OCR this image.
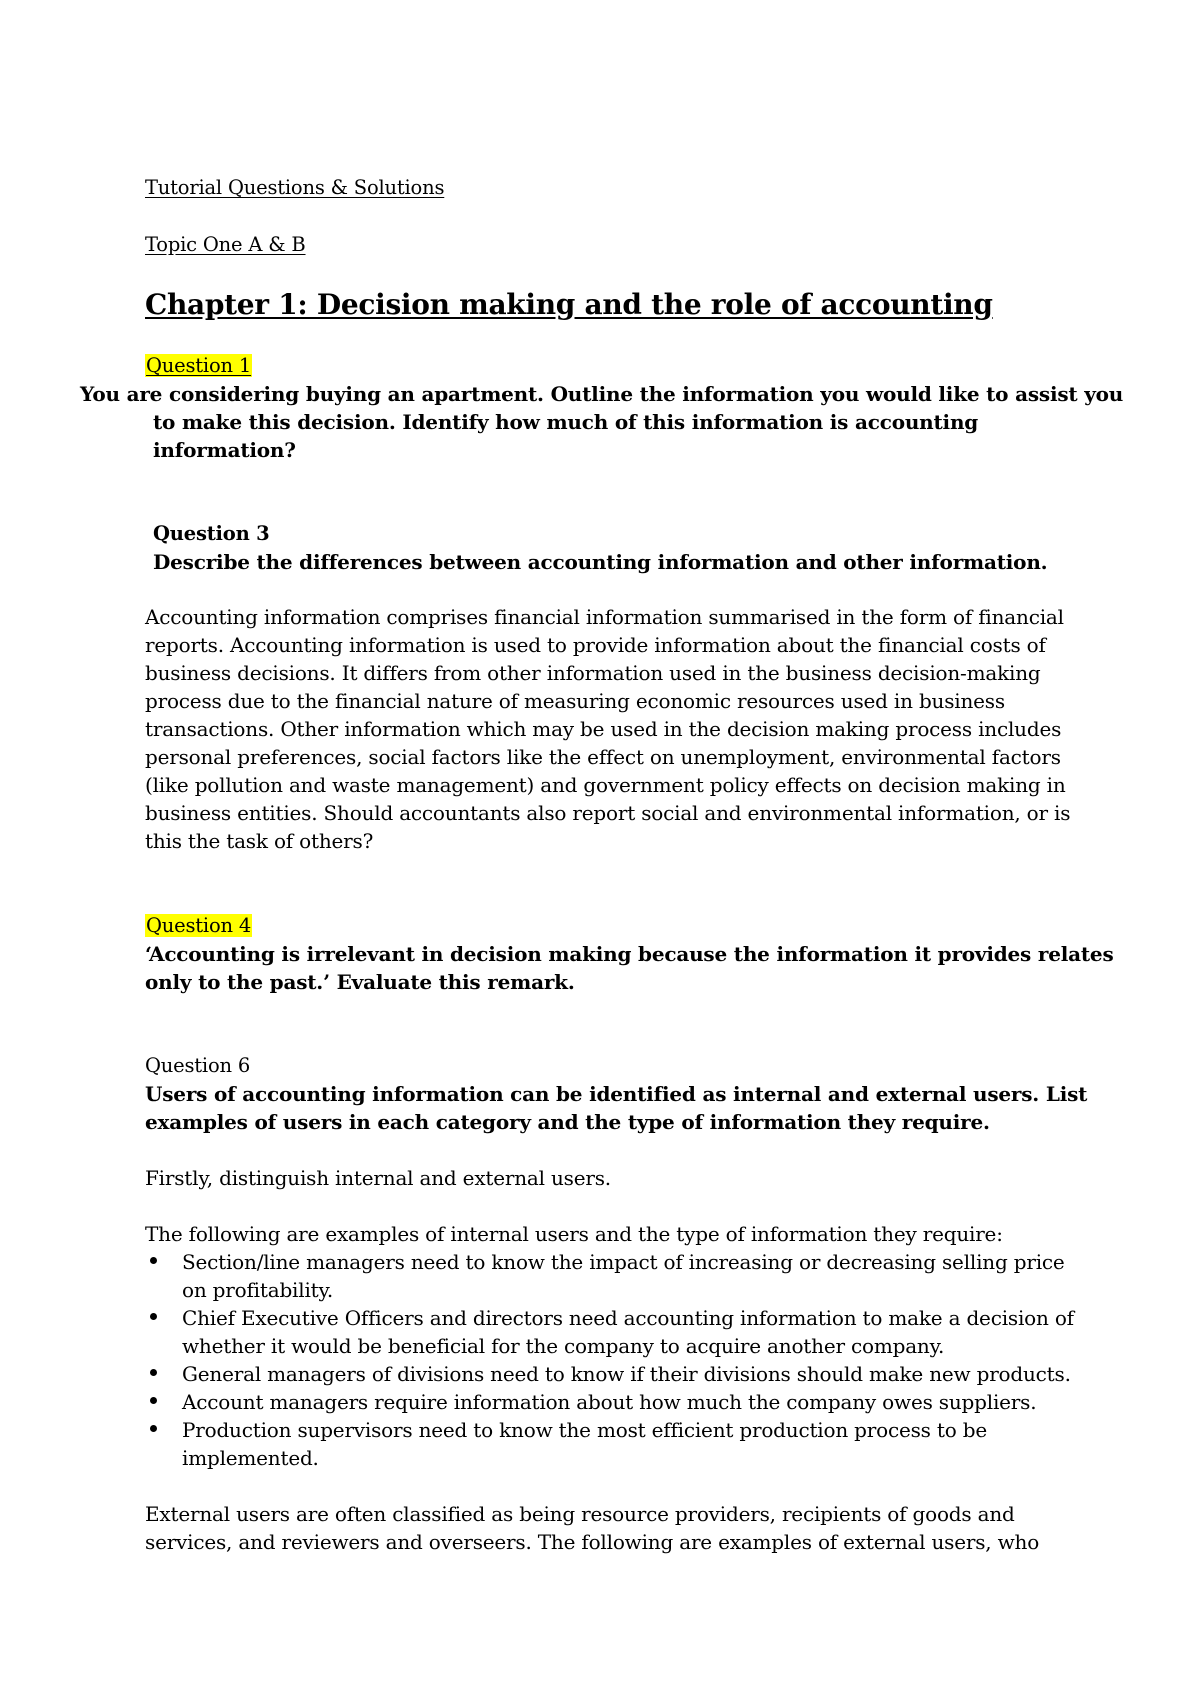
Tutorial Questions & Solutions
Topic One A & B
Chapter 1: Decision making and the role of accounting
Question 1
You are considering buying an apartment. Outline the information you would like to assist you
to make this decision. Identify how much of this information is accounting
information?
Question 3
Describe the differences between accounting information and other information.
Accounting information comprises financial information summarised in the form of financial
reports. Accounting information is used to provide information about the financial costs of
business decisions. It differs from other information used in the business decision-making
process due to the financial nature of measuring economic resources used in business
transactions. Other information which may be used in the decision making process includes
personal preferences, social factors like the effect on unemployment, environmental factors
(like pollution and waste management) and government policy effects on decision making in
business entities. Should accountants also report social and environmental information, or is
this the task of others?
Question 4
‘Accounting is irrelevant in decision making because the information it provides relates
only to the past.’ Evaluate this remark.
Question 6
Users of accounting information can be identified as internal and external users. List
examples of users in each category and the type of information they require.
Firstly, distinguish internal and external users.
The following are examples of internal users and the type of information they require:
Section/line managers need to know the impact of increasing or decreasing selling price
on profitability.
Chief Executive Officers and directors need accounting information to make a decision of
whether it would be beneficial for the company to acquire another company.
General managers of divisions need to know if their divisions should make new products.
Account managers require information about how much the company owes suppliers.
Production supervisors need to know the most efficient production process to be
implemented.
External users are often classified as being resource providers, recipients of goods and
services, and reviewers and overseers. The following are examples of external users, who
